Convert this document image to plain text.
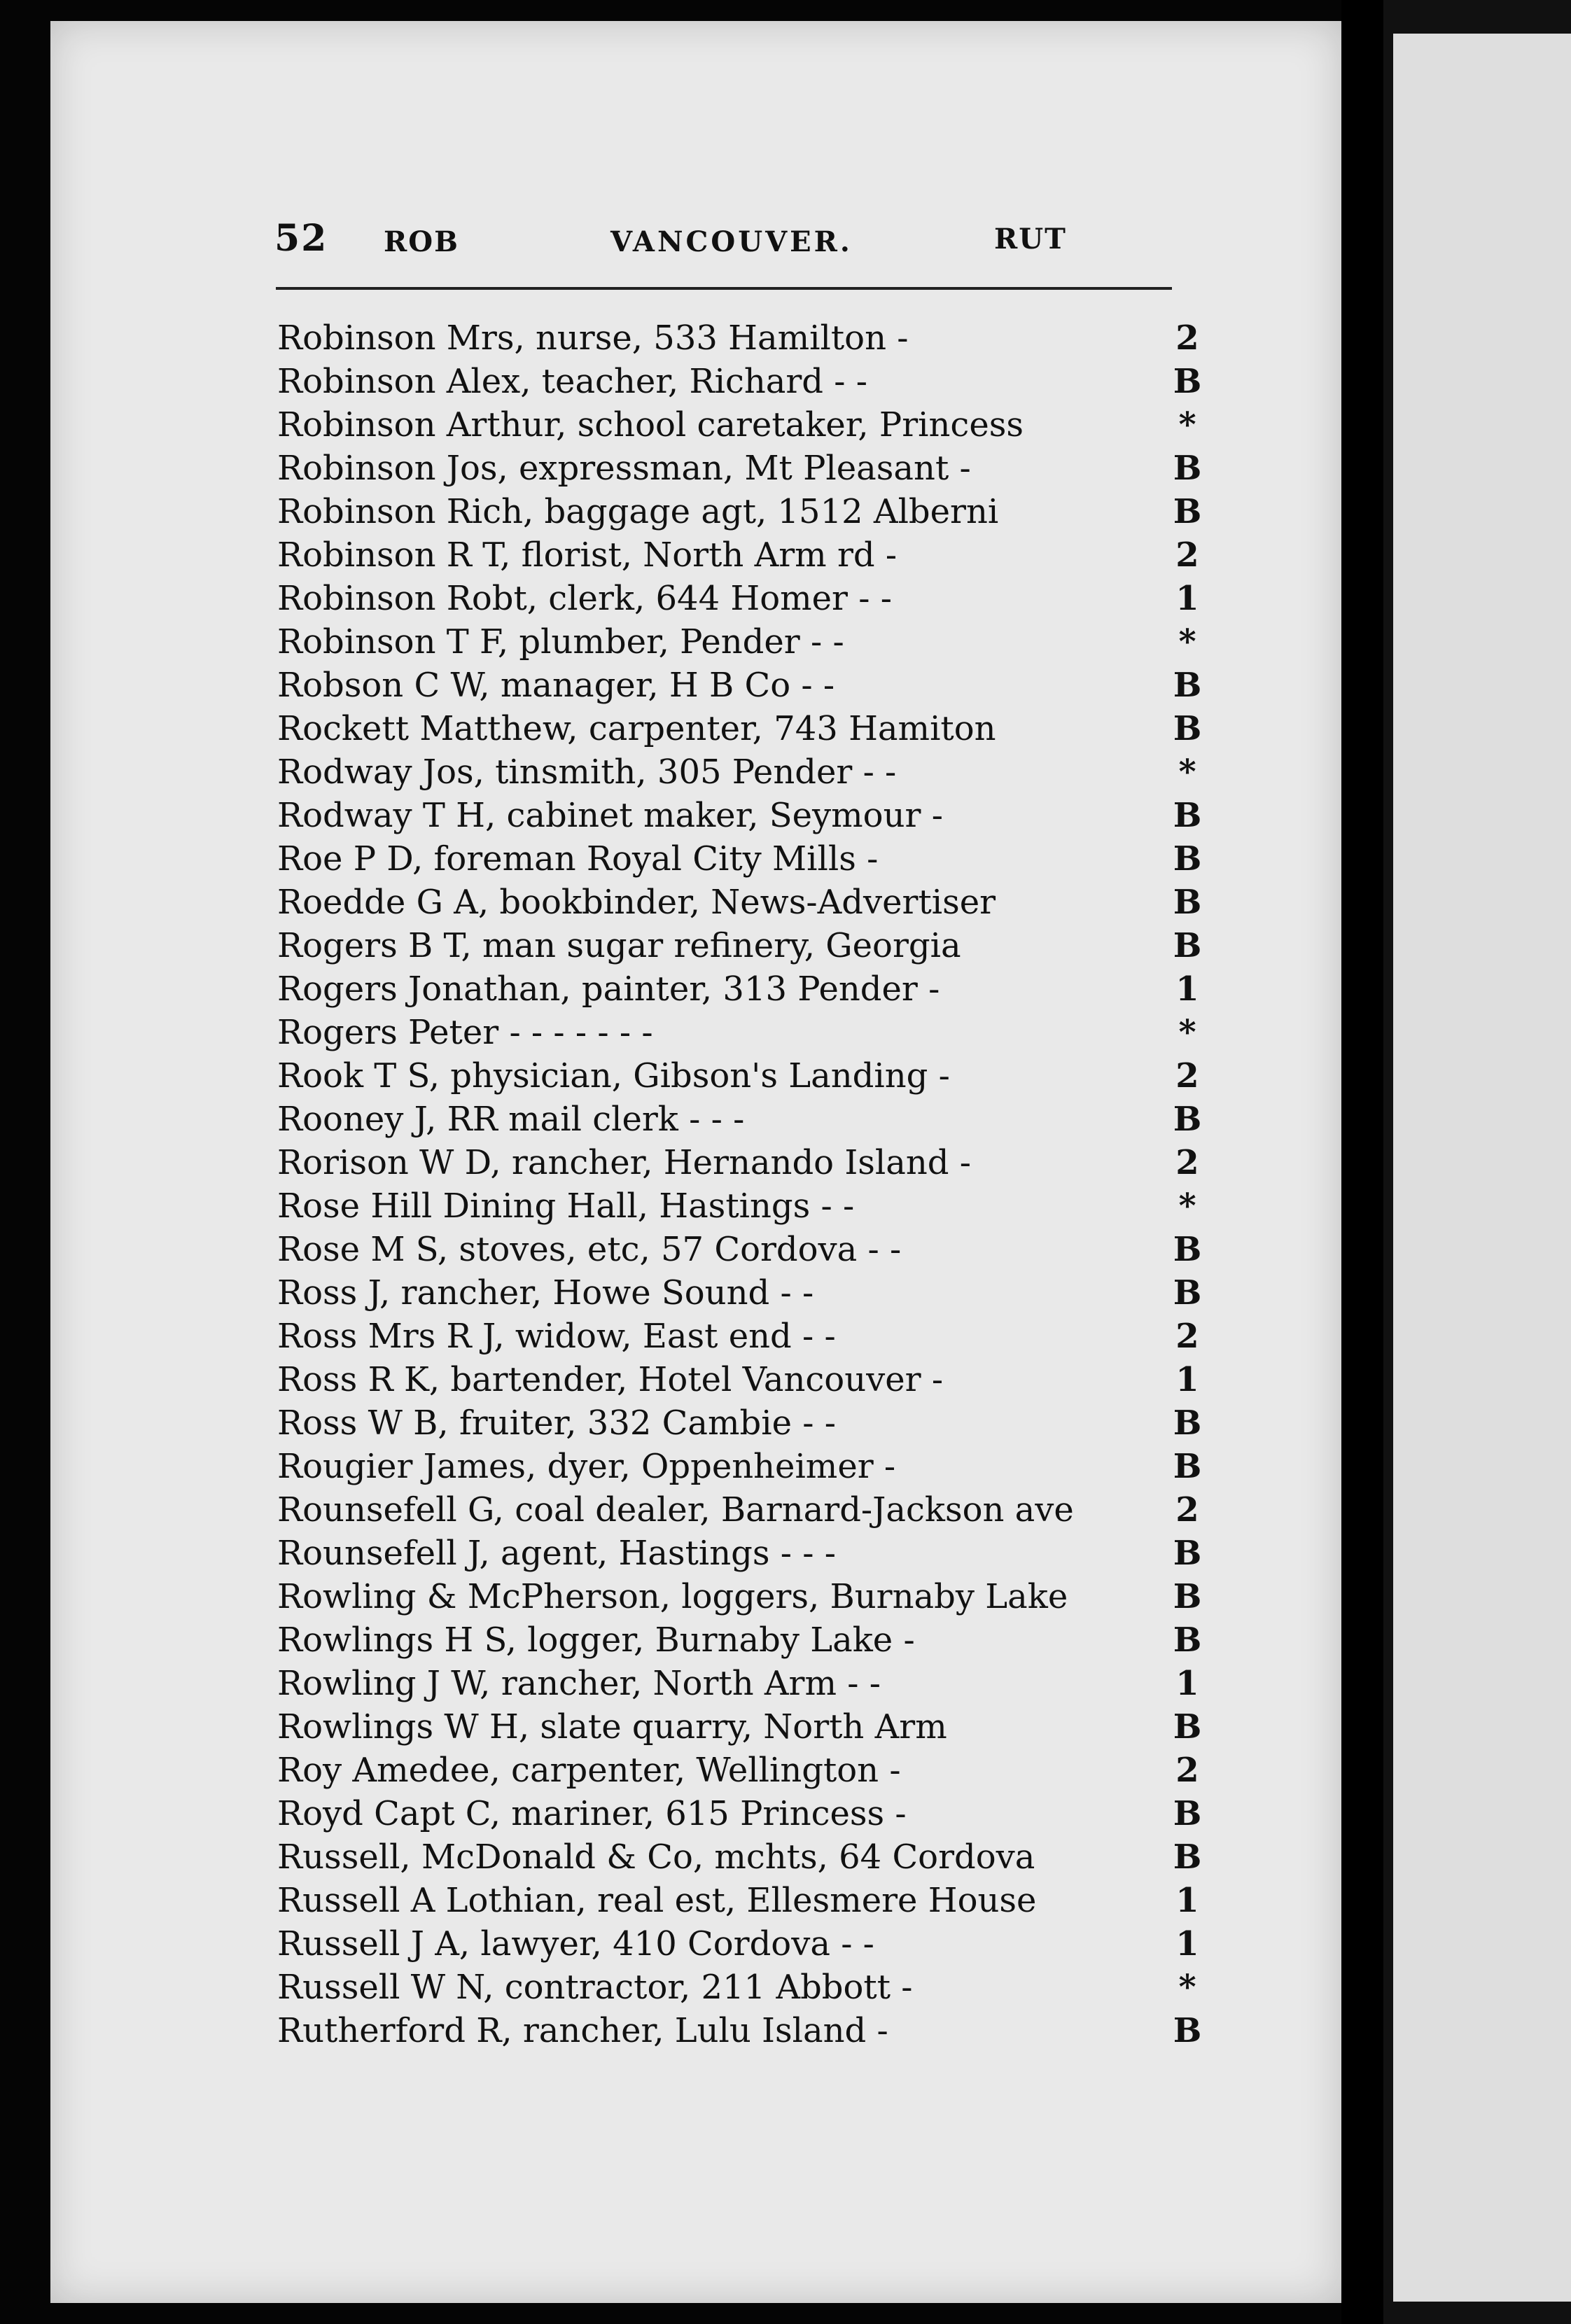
52 ROB	VANCOUVER.	RUT
Robinson Mrs, nurse, 533 Hamilton -	2
Robinson Alex, teacher, Richard - -	B
Robinson Arthur, school caretaker, Princess	*
Robinson Jos, expressman, Mt Pleasant -	B
Robinson Rich, baggage agt, 1512 Alberni	B
Robinson R T, florist, North Arm rd -	2
Robinson Robt, clerk, 644 Homer - -	1
Robinson T F, plumber, Pender - -	*
Robson C W, manager, H B Co - -	B
Rockett Matthew, carpenter, 743 Hamiton	B
Rodway Jos, tinsmith, 305 Pender - -	*
Rodway T H, cabinet maker, Seymour -	B
Roe P D, foreman Royal City Mills -	B
Roedde G A, bookbinder, News-Advertiser	B
Rogers B T, man sugar refinery, Georgia	B
Rogers Jonathan, painter, 313 Pender -	1
Rogers Peter - - - - - - -	*
Rook T S, physician, Gibson's Landing -	2
Rooney J, RR mail clerk - - -	B
Rorison W D, rancher, Hernando Island -	2
Rose Hill Dining Hall, Hastings - -	*
Rose M S, stoves, etc, 57 Cordova - -	B
Ross J, rancher, Howe Sound - -	B
Ross Mrs R J, widow, East end - -	2
Ross R K, bartender, Hotel Vancouver -	1
Ross W B, fruiter, 332 Cambie - -	B
Rougier James, dyer, Oppenheimer -	B
Rounsefell G, coal dealer, Barnard-Jackson ave	2
Rounsefell J, agent, Hastings - - -	B
Rowling & McPherson, loggers, Burnaby Lake	B
Rowlings H S, logger, Burnaby Lake -	B
Rowling J W, rancher, North Arm - -	1
Rowlings W H, slate quarry, North Arm	B
Roy Amedee, carpenter, Wellington -	2
Royd Capt C, mariner, 615 Princess -	B
Russell, McDonald & Co, mchts, 64 Cordova	B
Russell A Lothian, real est, Ellesmere House	1
Russell J A, lawyer, 410 Cordova - -	1
Russell W N, contractor, 211 Abbott -	*
Rutherford R, rancher, Lulu Island -	B
